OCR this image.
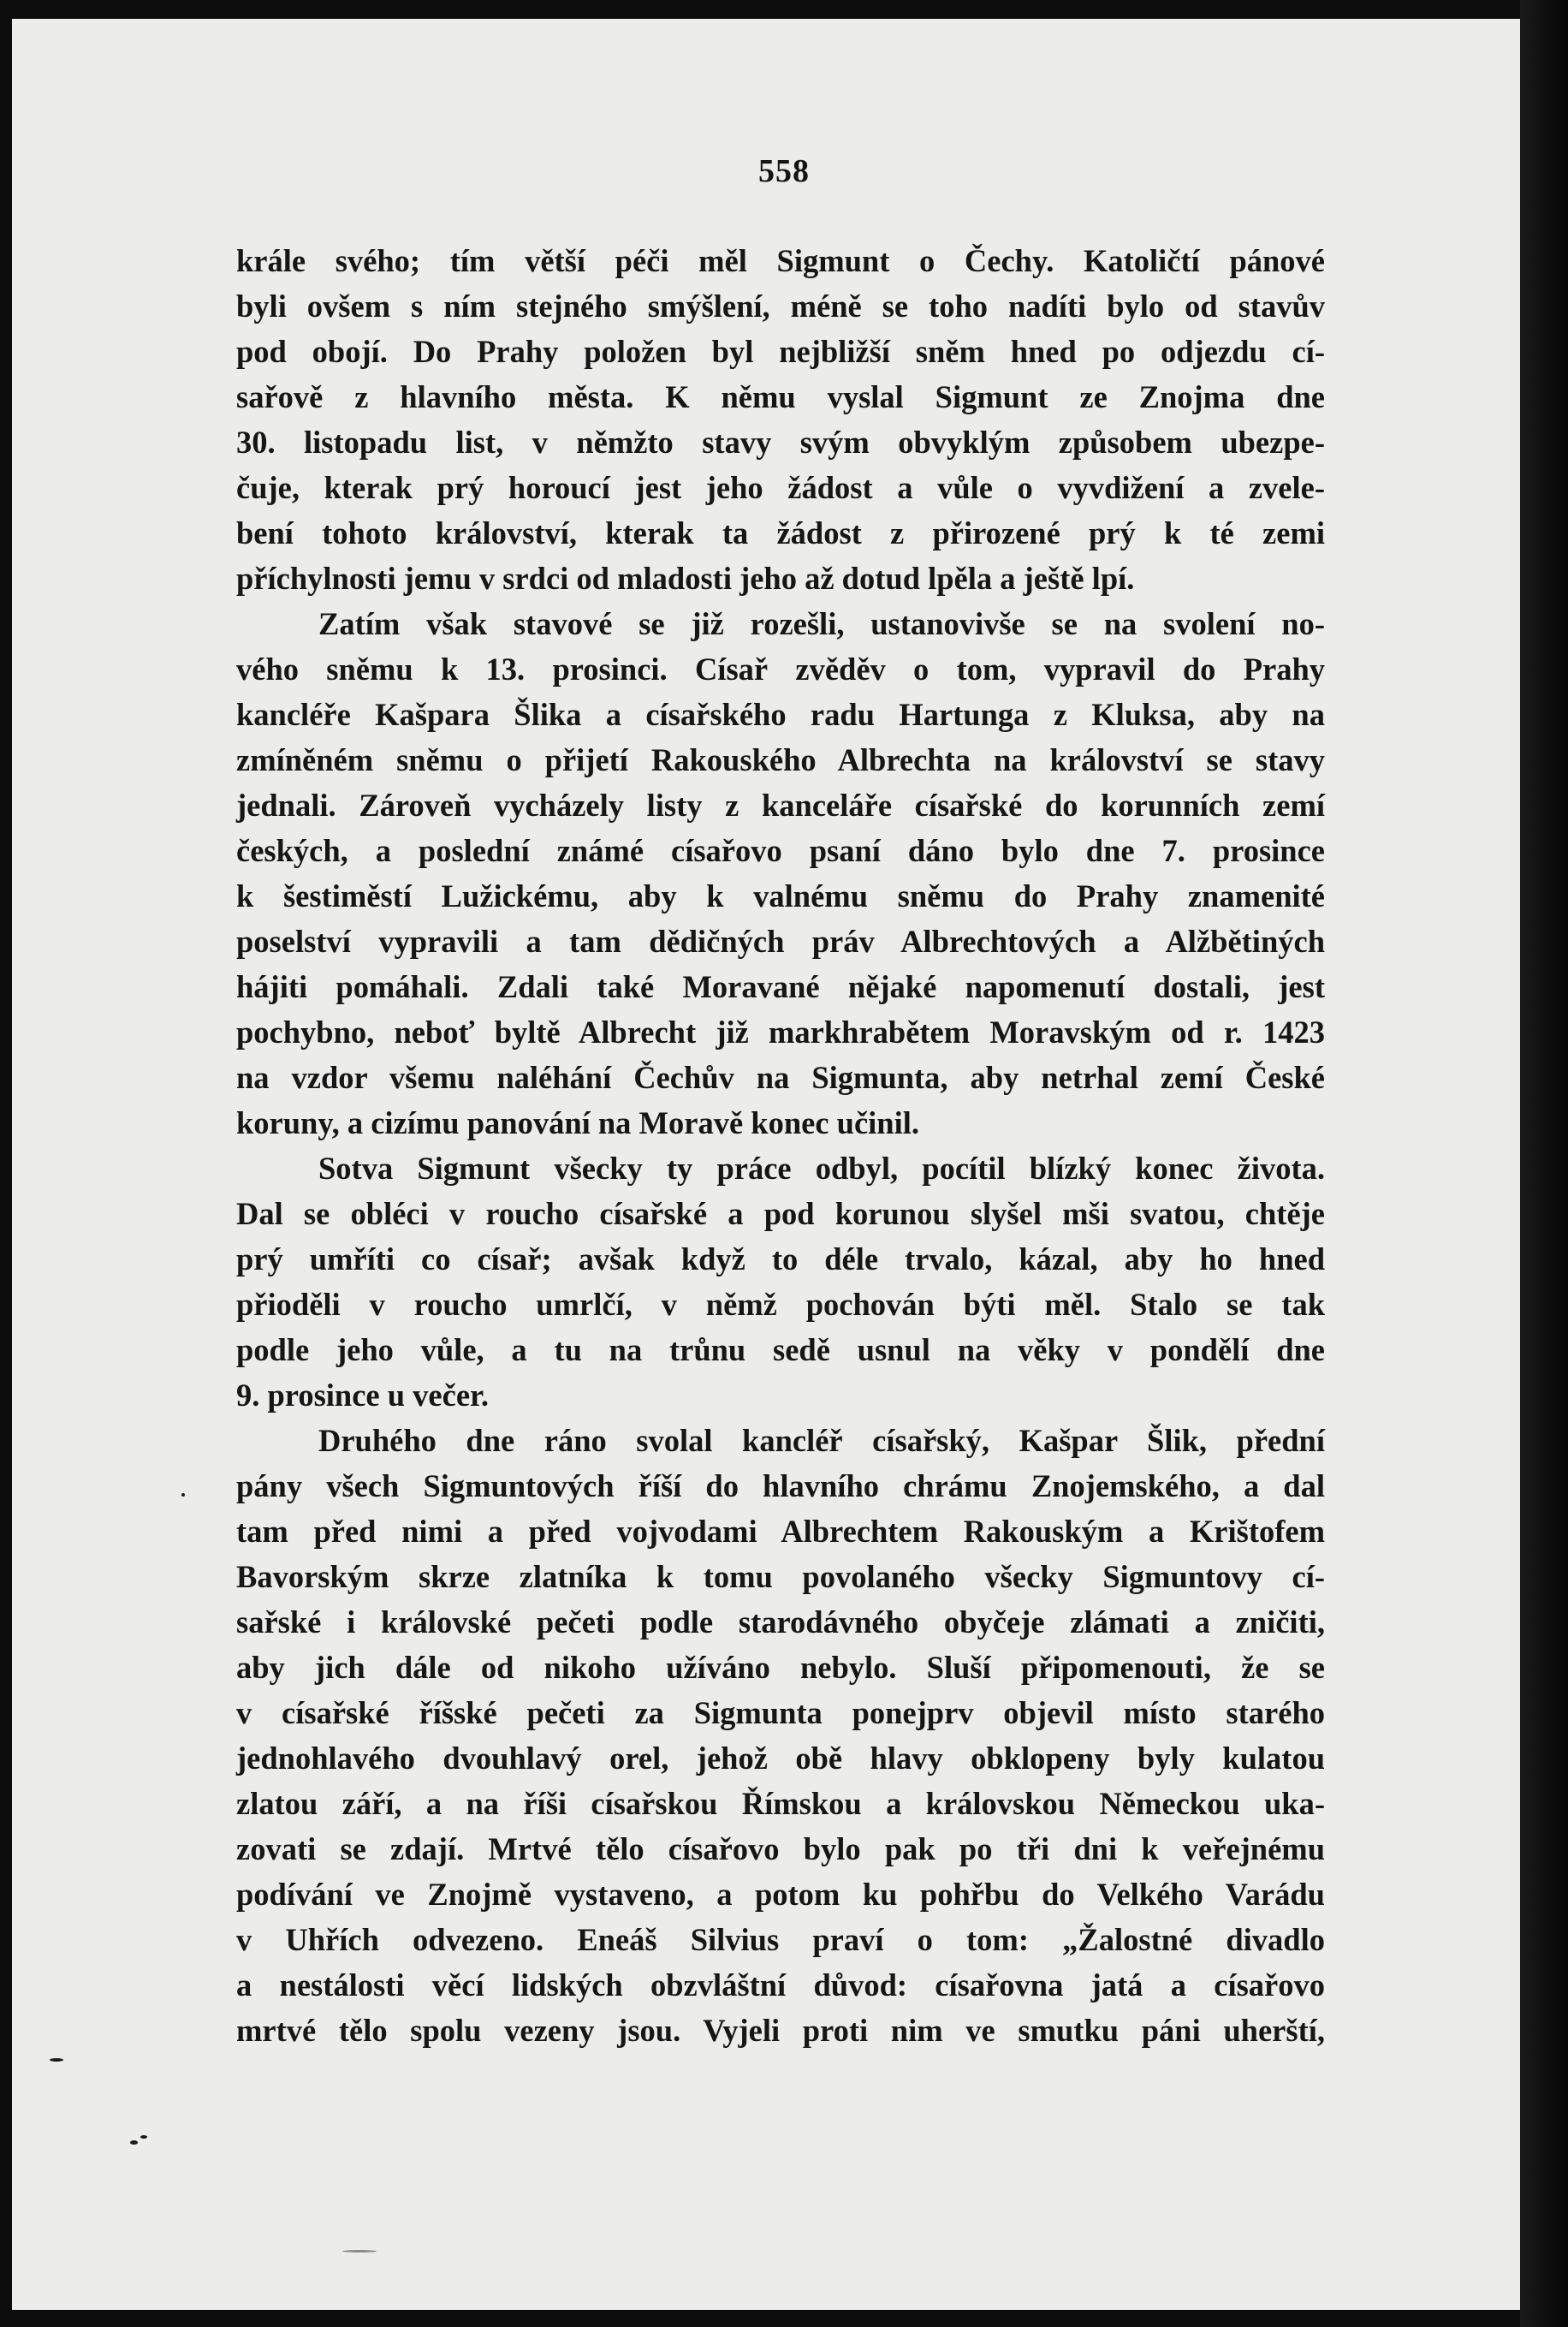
558
krále svého; tím větší péči měl Sigmunt o Čechy. Katoličtí pánové
byli ovšem s ním stejného smýšlení, méně se toho nadíti bylo od stavův
pod obojí. Do Prahy položen byl nejbližší sněm hned po odjezdu cí-
sařově z hlavního města. K němu vyslal Sigmunt ze Znojma dne
30. listopadu list, v němžto stavy svým obvyklým způsobem ubezpe-
čuje, kterak prý horoucí jest jeho žádost a vůle o vyvdižení a zvele-
bení tohoto království, kterak ta žádost z přirozené prý k té zemi
příchylnosti jemu v srdci od mladosti jeho až dotud lpěla a ještě lpí.
Zatím však stavové se již rozešli, ustanovivše se na svolení no-
vého sněmu k 13. prosinci. Císař zvěděv o tom, vypravil do Prahy
kancléře Kašpara Šlika a císařského radu Hartunga z Kluksa, aby na
zmíněném sněmu o přijetí Rakouského Albrechta na království se stavy
jednali. Zároveň vycházely listy z kanceláře císařské do korunních zemí
českých, a poslední známé císařovo psaní dáno bylo dne 7. prosince
k šestiměstí Lužickému, aby k valnému sněmu do Prahy znamenité
poselství vypravili a tam dědičných práv Albrechtových a Alžbětiných
hájiti pomáhali. Zdali také Moravané nějaké napomenutí dostali, jest
pochybno, neboť byltě Albrecht již markhrabětem Moravským od r. 1423
na vzdor všemu naléhání Čechův na Sigmunta, aby netrhal zemí České
koruny, a cizímu panování na Moravě konec učinil.
Sotva Sigmunt všecky ty práce odbyl, pocítil blízký konec života.
Dal se obléci v roucho císařské a pod korunou slyšel mši svatou, chtěje
prý umříti co císař; avšak když to déle trvalo, kázal, aby ho hned
přioděli v roucho umrlčí, v němž pochován býti měl. Stalo se tak
podle jeho vůle, a tu na trůnu sedě usnul na věky v pondělí dne
9. prosince u večer.
Druhého dne ráno svolal kancléř císařský, Kašpar Šlik, přední
pány všech Sigmuntových říší do hlavního chrámu Znojemského, a dal
tam před nimi a před vojvodami Albrechtem Rakouským a Krištofem
Bavorským skrze zlatníka k tomu povolaného všecky Sigmuntovy cí-
sařské i královské pečeti podle starodávného obyčeje zlámati a zničiti,
aby jich dále od nikoho užíváno nebylo. Sluší připomenouti, že se
v císařské říšské pečeti za Sigmunta ponejprv objevil místo starého
jednohlavého dvouhlavý orel, jehož obě hlavy obklopeny byly kulatou
zlatou září, a na říši císařskou Římskou a královskou Německou uka-
zovati se zdají. Mrtvé tělo císařovo bylo pak po tři dni k veřejnému
podívání ve Znojmě vystaveno, a potom ku pohřbu do Velkého Varádu
v Uhřích odvezeno. Eneáš Silvius praví o tom: „Žalostné divadlo
a nestálosti věcí lidských obzvláštní důvod: císařovna jatá a císařovo
mrtvé tělo spolu vezeny jsou. Vyjeli proti nim ve smutku páni uherští,
